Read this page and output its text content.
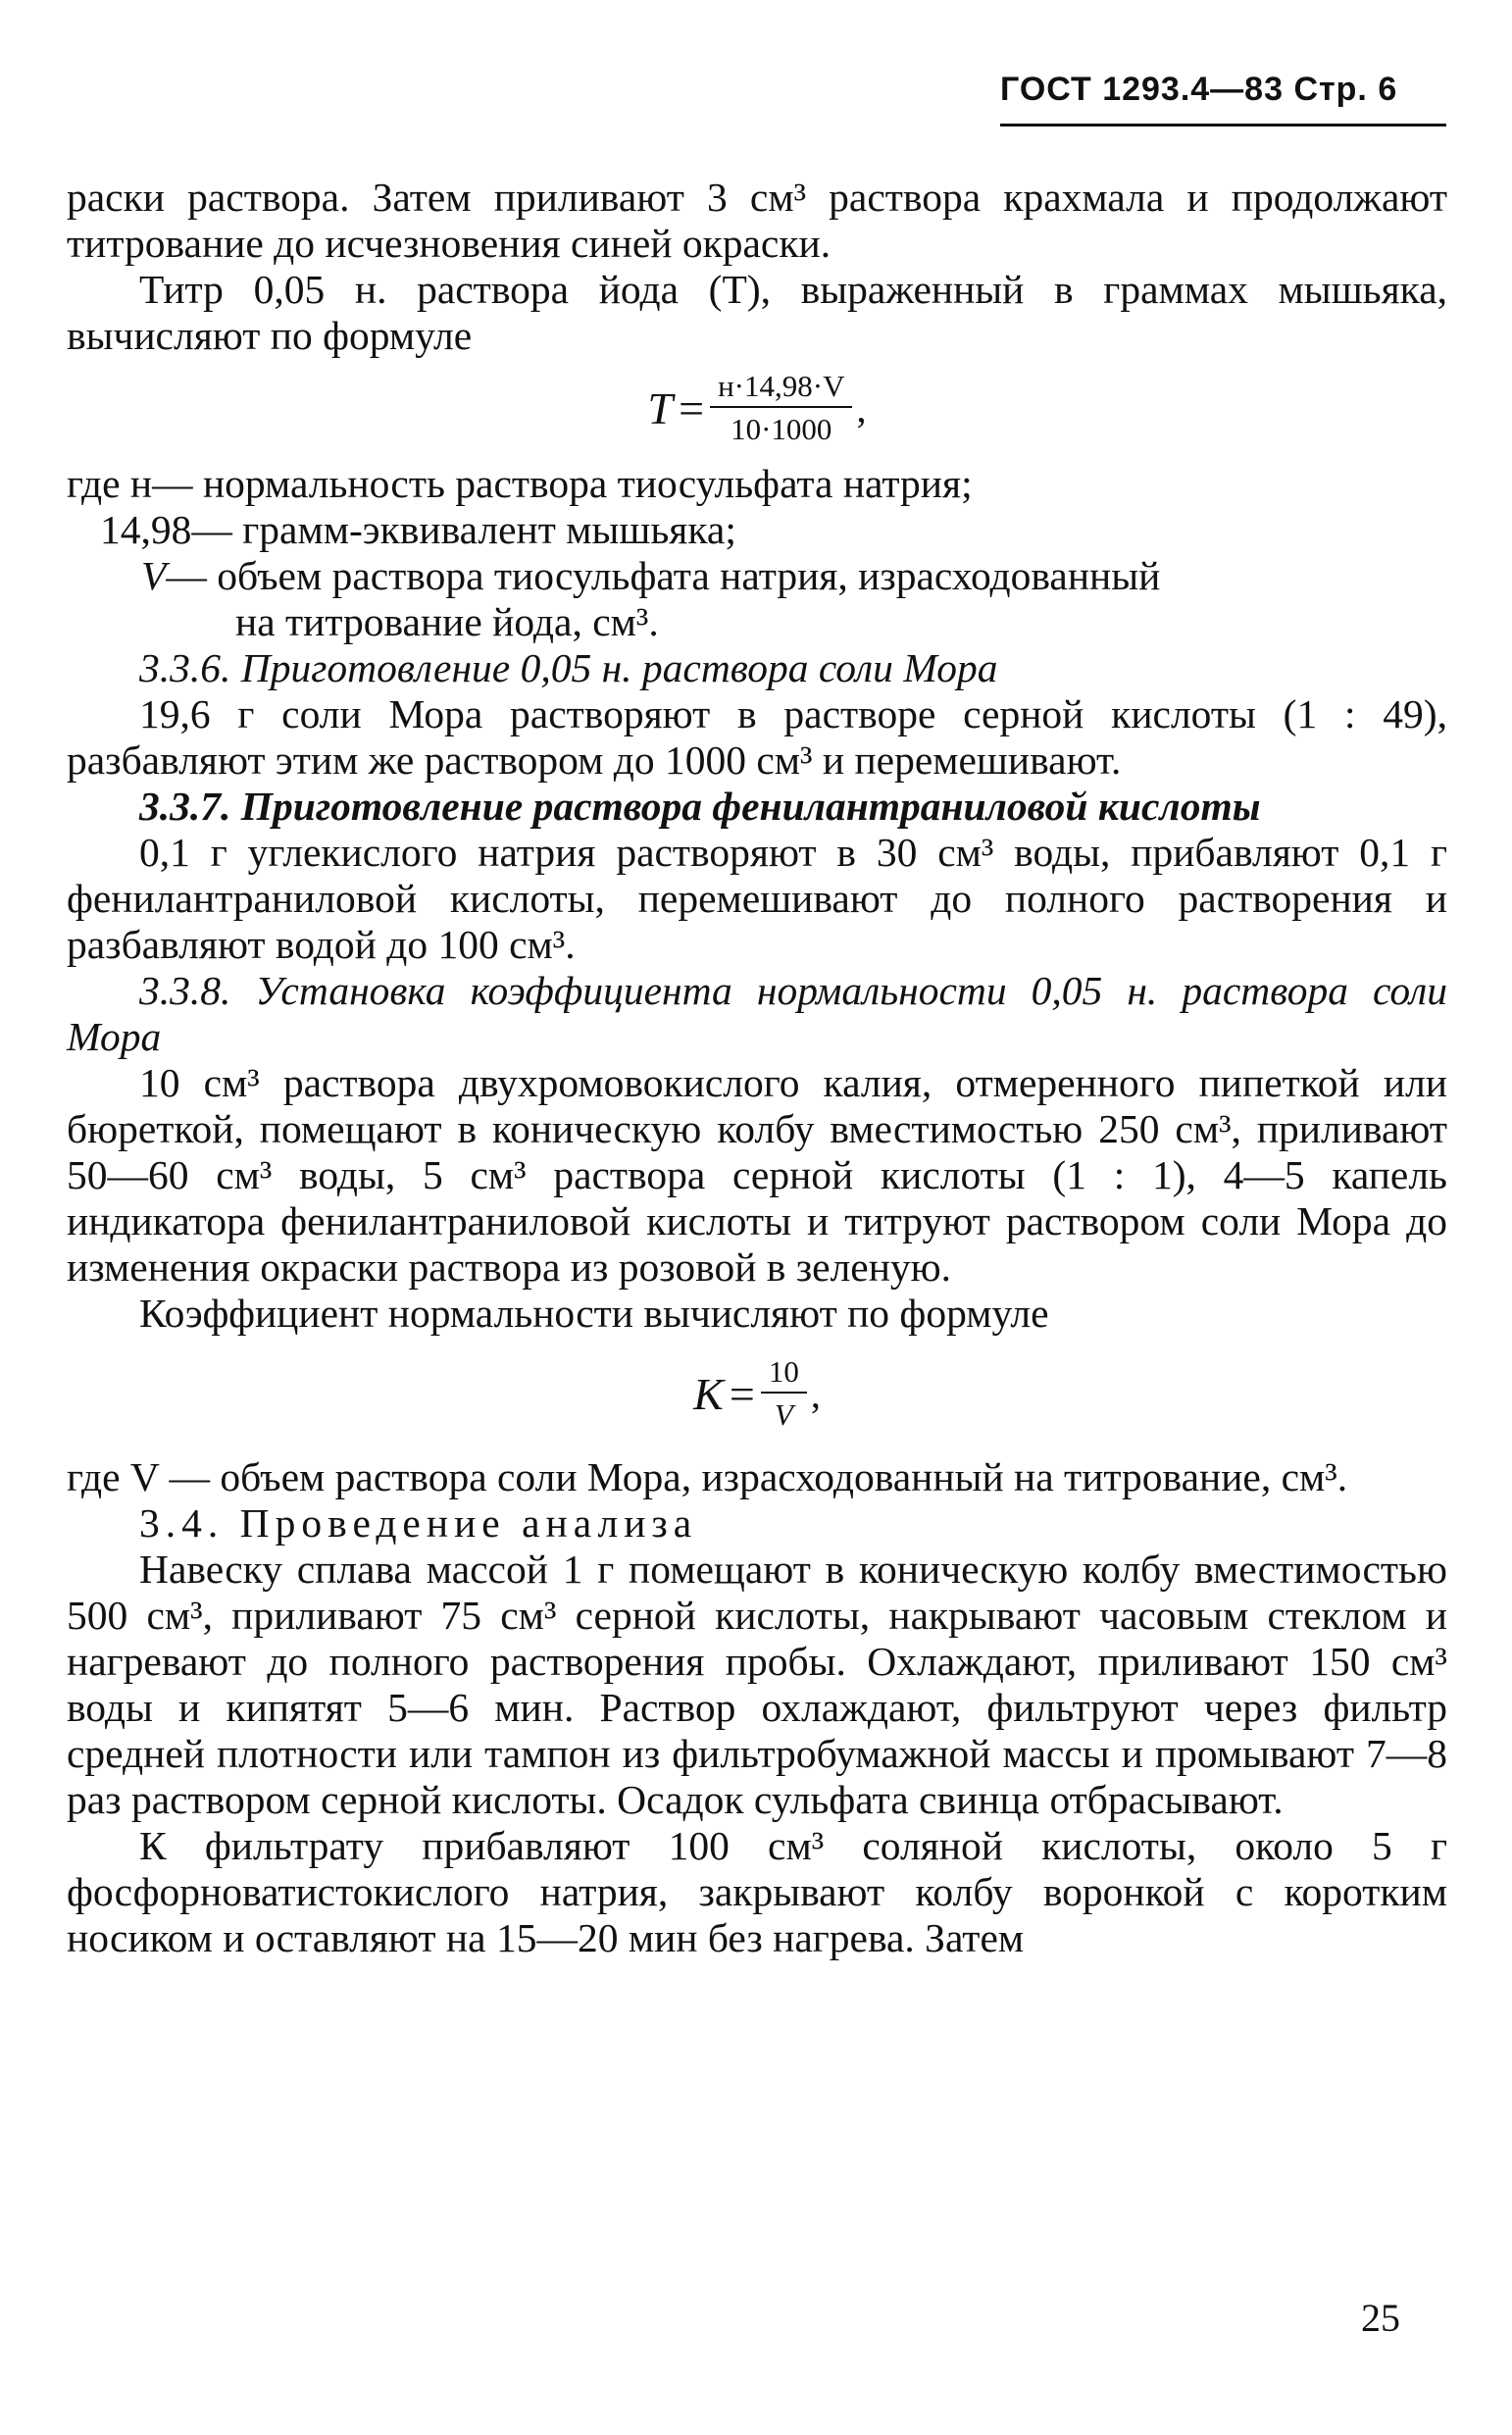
ГОСТ 1293.4—83 Стр. 6

раски раствора. Затем приливают 3 см³ раствора крахмала и продолжают титрование до исчезновения синей окраски.

Титр 0,05 н. раствора йода (T), выраженный в граммах мышьяка, вычисляют по формуле

$T = \frac{н\cdot 14,98\cdot V}{10\cdot 1000}$ ,
где н — нормальность раствора тиосульфата натрия;
14,98 — грамм-эквивалент мышьяка;
V — объем раствора тиосульфата натрия, израсходованный

на титрование йода, см³.

3.3.6. Приготовление 0,05 н. раствора соли Мора

19,6 г соли Мора растворяют в растворе серной кислоты (1 : 49), разбавляют этим же раствором до 1000 см³ и перемешивают.

3.3.7. Приготовление раствора фенилантраниловой кислоты

0,1 г углекислого натрия растворяют в 30 см³ воды, прибавляют 0,1 г фенилантраниловой кислоты, перемешивают до полного растворения и разбавляют водой до 100 см³.

3.3.8. Установка коэффициента нормальности 0,05 н. раствора соли Мора

10 см³ раствора двухромовокислого калия, отмеренного пипеткой или бюреткой, помещают в коническую колбу вместимостью 250 см³, приливают 50—60 см³ воды, 5 см³ раствора серной кислоты (1 : 1), 4—5 капель индикатора фенилантраниловой кислоты и титруют раствором соли Мора до изменения окраски раствора из розовой в зеленую.

Коэффициент нормальности вычисляют по формуле

$K = \frac{10}{V}$ ,

где V — объем раствора соли Мора, израсходованный на титрование, см³.

3.4. Проведение анализа

Навеску сплава массой 1 г помещают в коническую колбу вместимостью 500 см³, приливают 75 см³ серной кислоты, накрывают часовым стеклом и нагревают до полного растворения пробы. Охлаждают, приливают 150 см³ воды и кипятят 5—6 мин. Раствор охлаждают, фильтруют через фильтр средней плотности или тампон из фильтробумажной массы и промывают 7—8 раз раствором серной кислоты. Осадок сульфата свинца отбрасывают.

К фильтрату прибавляют 100 см³ соляной кислоты, около 5 г фосфорноватистокислого натрия, закрывают колбу воронкой с коротким носиком и оставляют на 15—20 мин без нагрева. Затем

25
